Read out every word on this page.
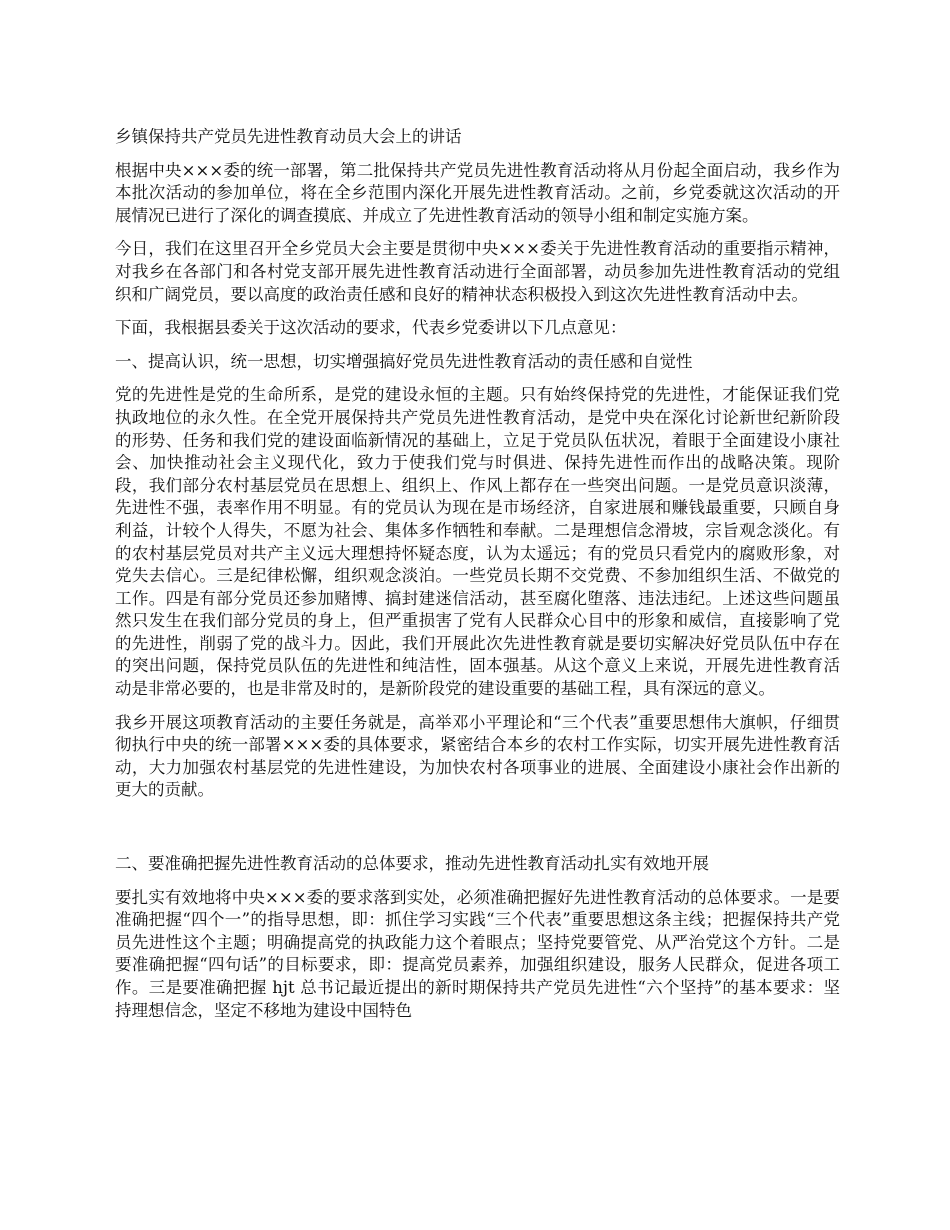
乡镇保持共产党员先进性教育动员大会上的讲话

根据中央×××委的统一部署，第二批保持共产党员先进性教育活动将从月份起全面启动，我乡作为本批次活动的参加单位，将在全乡范围内深化开展先进性教育活动。之前，乡党委就这次活动的开展情况已进行了深化的调查摸底、并成立了先进性教育活动的领导小组和制定实施方案。

今日，我们在这里召开全乡党员大会主要是贯彻中央×××委关于先进性教育活动的重要指示精神，对我乡在各部门和各村党支部开展先进性教育活动进行全面部署，动员参加先进性教育活动的党组织和广阔党员，要以高度的政治责任感和良好的精神状态积极投入到这次先进性教育活动中去。

下面，我根据县委关于这次活动的要求，代表乡党委讲以下几点意见：

一、提高认识，统一思想，切实增强搞好党员先进性教育活动的责任感和自觉性

党的先进性是党的生命所系，是党的建设永恒的主题。只有始终保持党的先进性，才能保证我们党执政地位的永久性。在全党开展保持共产党员先进性教育活动，是党中央在深化讨论新世纪新阶段的形势、任务和我们党的建设面临新情况的基础上，立足于党员队伍状况，着眼于全面建设小康社会、加快推动社会主义现代化，致力于使我们党与时俱进、保持先进性而作出的战略决策。现阶段，我们部分农村基层党员在思想上、组织上、作风上都存在一些突出问题。一是党员意识淡薄，先进性不强，表率作用不明显。有的党员认为现在是市场经济，自家进展和赚钱最重要，只顾自身利益，计较个人得失，不愿为社会、集体多作牺牲和奉献。二是理想信念滑坡，宗旨观念淡化。有的农村基层党员对共产主义远大理想持怀疑态度，认为太遥远；有的党员只看党内的腐败形象，对党失去信心。三是纪律松懈，组织观念淡泊。一些党员长期不交党费、不参加组织生活、不做党的工作。四是有部分党员还参加赌博、搞封建迷信活动，甚至腐化堕落、违法违纪。上述这些问题虽然只发生在我们部分党员的身上，但严重损害了党有人民群众心目中的形象和威信，直接影响了党的先进性，削弱了党的战斗力。因此，我们开展此次先进性教育就是要切实解决好党员队伍中存在的突出问题，保持党员队伍的先进性和纯洁性，固本强基。从这个意义上来说，开展先进性教育活动是非常必要的，也是非常及时的，是新阶段党的建设重要的基础工程，具有深远的意义。

我乡开展这项教育活动的主要任务就是，高举邓小平理论和“三个代表”重要思想伟大旗帜，仔细贯彻执行中央的统一部署×××委的具体要求，紧密结合本乡的农村工作实际，切实开展先进性教育活动，大力加强农村基层党的先进性建设，为加快农村各项事业的进展、全面建设小康社会作出新的更大的贡献。

二、要准确把握先进性教育活动的总体要求，推动先进性教育活动扎实有效地开展

要扎实有效地将中央×××委的要求落到实处，必须准确把握好先进性教育活动的总体要求。一是要准确把握“四个一”的指导思想，即：抓住学习实践“三个代表”重要思想这条主线；把握保持共产党员先进性这个主题；明确提高党的执政能力这个着眼点；坚持党要管党、从严治党这个方针。二是要准确把握“四句话”的目标要求，即：提高党员素养，加强组织建设，服务人民群众，促进各项工作。三是要准确把握 hjt 总书记最近提出的新时期保持共产党员先进性“六个坚持”的基本要求：坚持理想信念，坚定不移地为建设中国特色
